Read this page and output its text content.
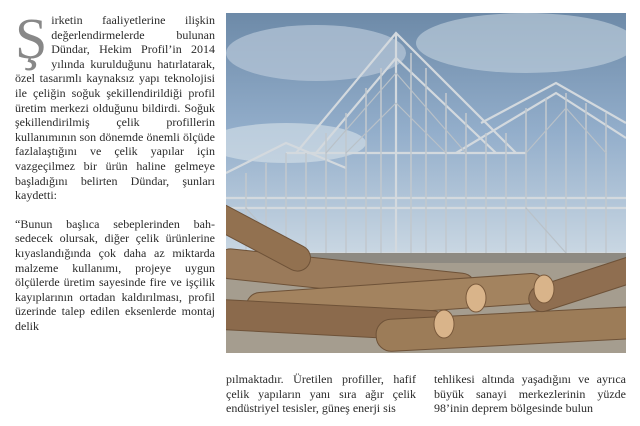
Şirketin faaliyetlerine ilişkin değerlendirmelerde bulunan Dündar, Hekim Profil’in 2014 yılında kurulduğunu hatırlatarak, özel tasarımlı kaynaksız yapı teknolojisi ile çeliğin soğuk şekillendirildiği profil üretim merkezi olduğunu bildirdi. Soğuk şekillendirilmiş çelik profillerin kullanımının son dönemde önemli ölçüde fazlalaştığını ve çelik yapılar için vazgeçilmez bir ürün haline gelmeye başladığını belirten Dündar, şunları kaydetti:

“Bunun başlıca sebeplerinden bahsedecek olursak, diğer çelik ürünlerine kıyaslandığında çok daha az miktarda malzeme kullanımı, projeye uygun ölçülerde üretim sayesinde fire ve işçilik kayıplarının ortadan kaldırılması, profil üzerinde talep edilen eksenlerde montaj delik

pılmaktadır. Üretilen profiller, hafif çelik yapıların yanı sıra ağır çelik endüstriyel tesisler, güneş enerji sis

tehlikesi altında yaşadığını ve ayrıca büyük sanayi merkezlerinin yüzde 98’inin deprem bölgesinde bulun
